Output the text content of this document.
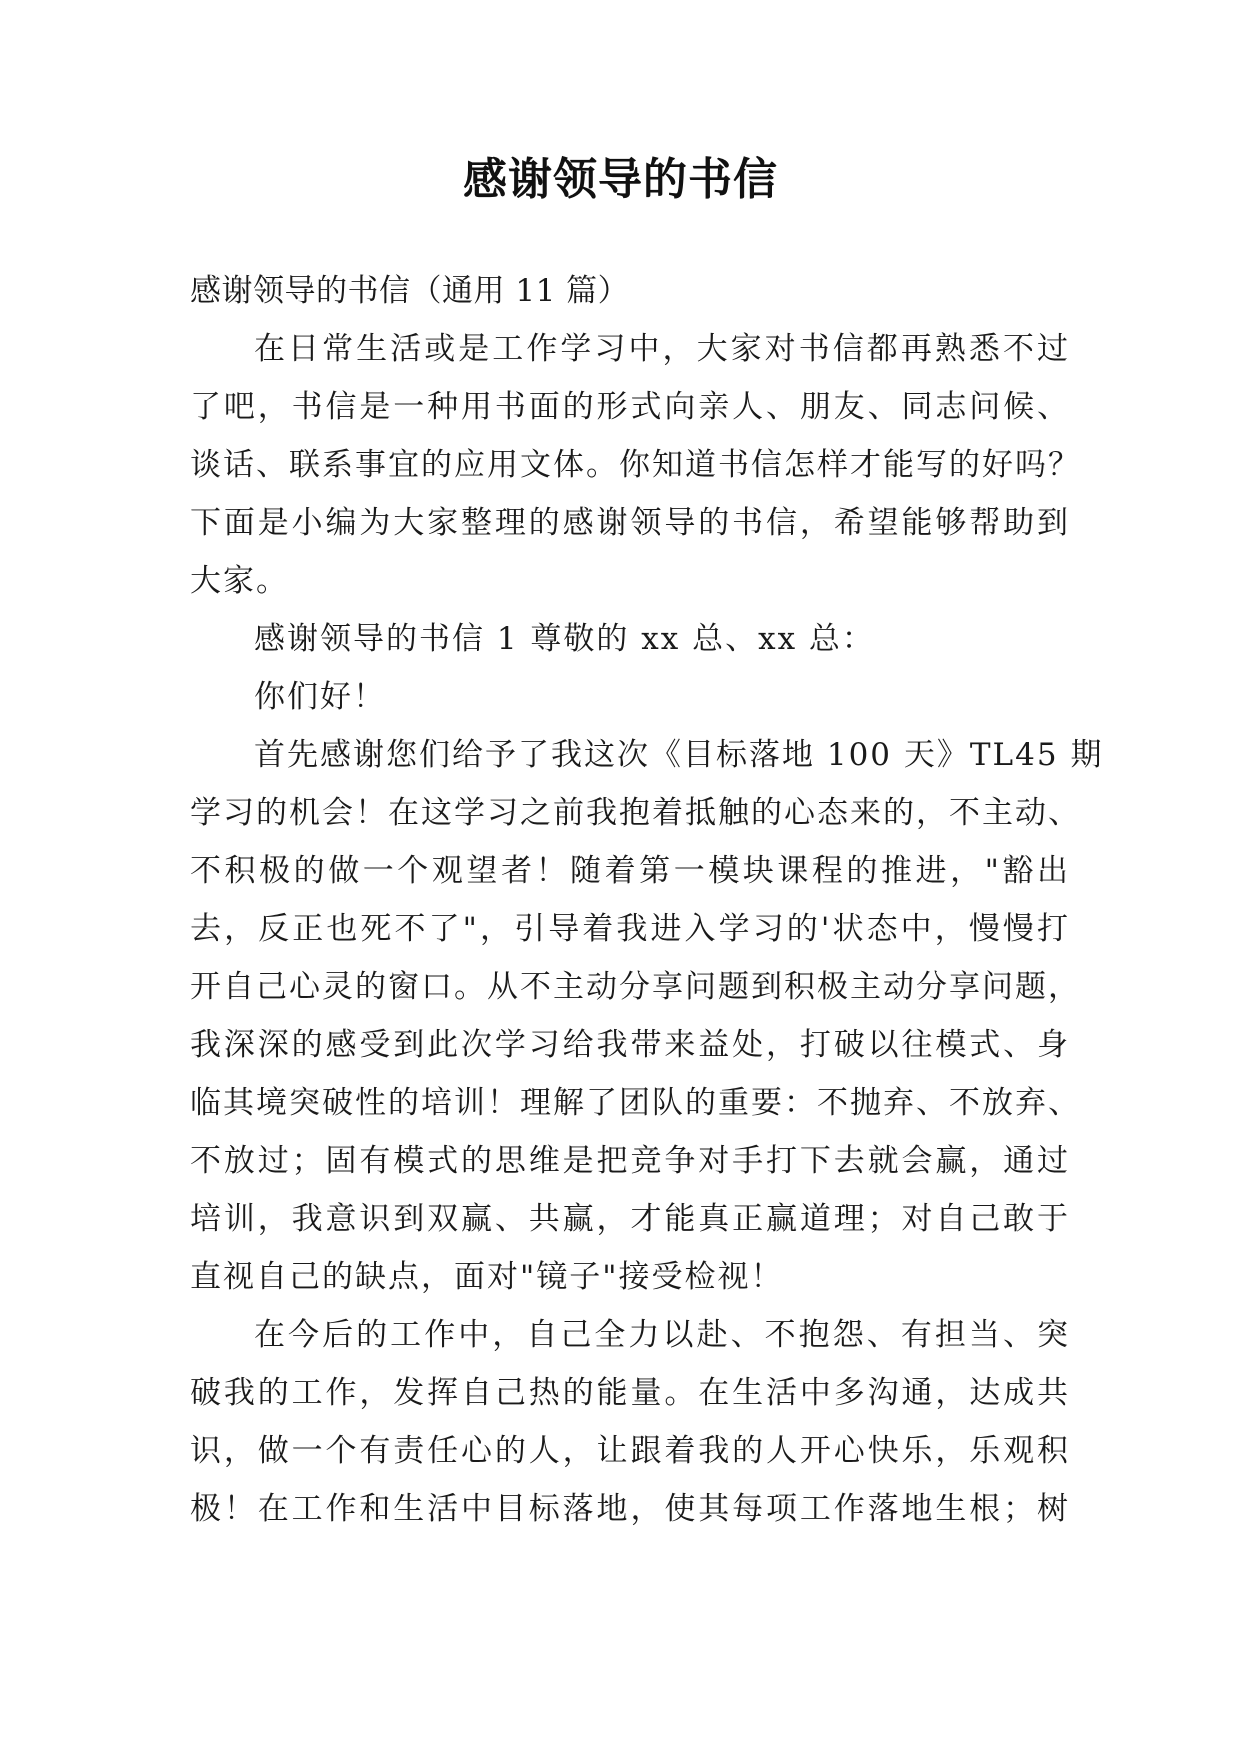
感谢领导的书信
感谢领导的书信（通用 11 篇）
在日常生活或是工作学习中，大家对书信都再熟悉不过
了吧，书信是一种用书面的形式向亲人、朋友、同志问候、
谈话、联系事宜的应用文体。你知道书信怎样才能写的好吗？
下面是小编为大家整理的感谢领导的书信，希望能够帮助到
大家。
感谢领导的书信 1 尊敬的 xx 总、xx 总：
你们好！
首先感谢您们给予了我这次《目标落地 100 天》TL45 期
学习的机会！在这学习之前我抱着抵触的心态来的，不主动、
不积极的做一个观望者！随着第一模块课程的推进，"豁出
去，反正也死不了"，引导着我进入学习的'状态中，慢慢打
开自己心灵的窗口。从不主动分享问题到积极主动分享问题，
我深深的感受到此次学习给我带来益处，打破以往模式、身
临其境突破性的培训！理解了团队的重要：不抛弃、不放弃、
不放过；固有模式的思维是把竞争对手打下去就会赢，通过
培训，我意识到双赢、共赢，才能真正赢道理；对自己敢于
直视自己的缺点，面对"镜子"接受检视！
在今后的工作中，自己全力以赴、不抱怨、有担当、突
破我的工作，发挥自己热的能量。在生活中多沟通，达成共
识，做一个有责任心的人，让跟着我的人开心快乐，乐观积
极！在工作和生活中目标落地，使其每项工作落地生根；树
